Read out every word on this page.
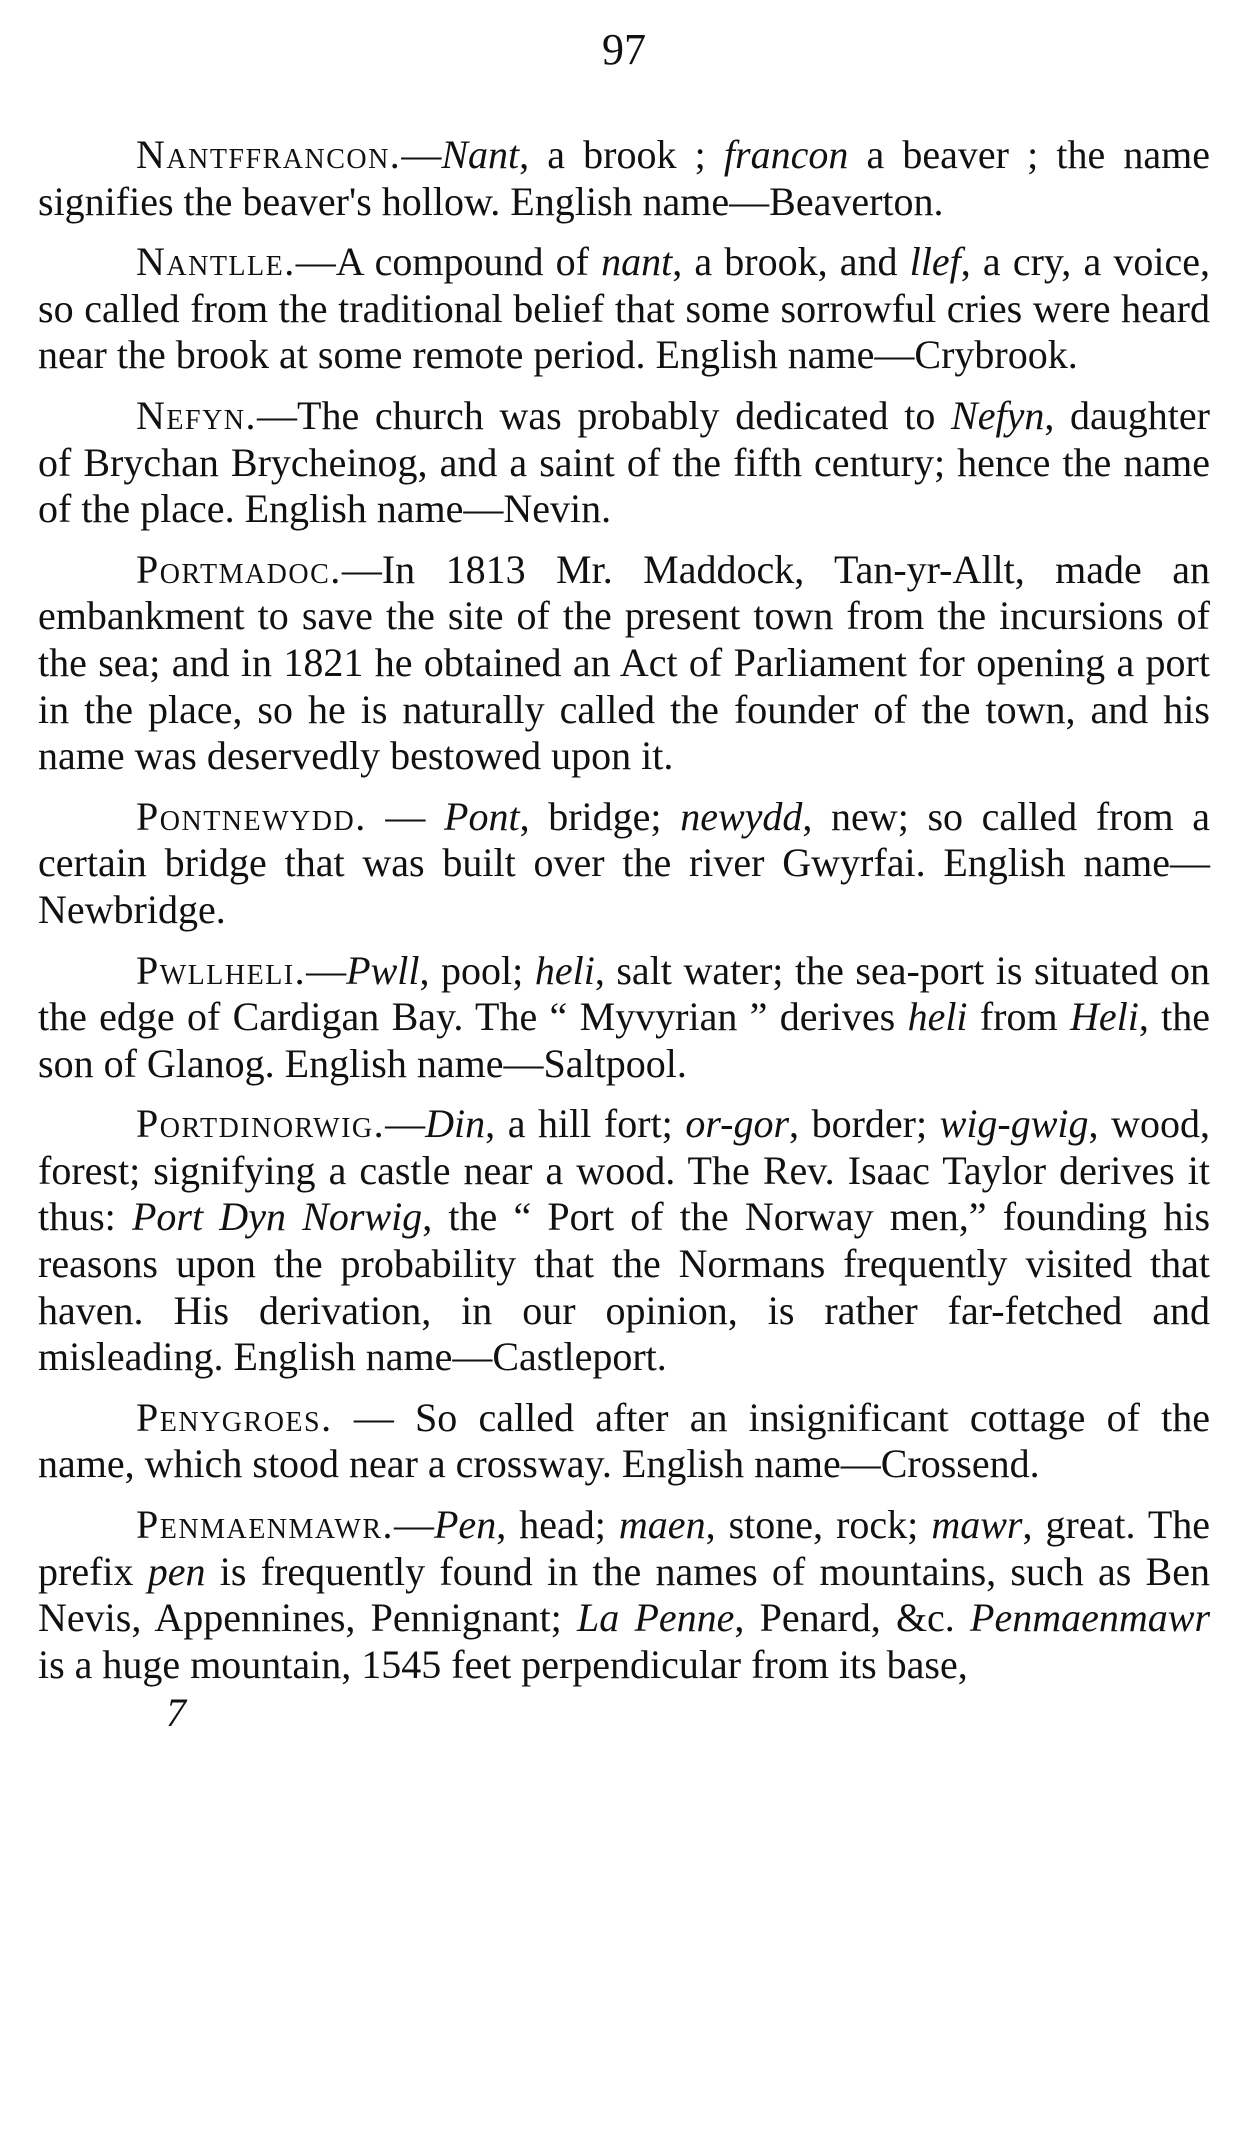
97

Nantffrancon.—Nant, a brook ; francon a beaver ; the name signifies the beaver's hollow. English name—Beaverton.

Nantlle.—A compound of nant, a brook, and llef, a cry, a voice, so called from the traditional belief that some sorrowful cries were heard near the brook at some remote period. English name—Crybrook.

Nefyn.—The church was probably dedicated to Nefyn, daughter of Brychan Brycheinog, and a saint of the fifth century; hence the name of the place. English name—Nevin.

Portmadoc.—In 1813 Mr. Maddock, Tan-yr-Allt, made an embankment to save the site of the present town from the incursions of the sea; and in 1821 he obtained an Act of Parliament for opening a port in the place, so he is naturally called the founder of the town, and his name was deservedly bestowed upon it.

Pontnewydd. — Pont, bridge; newydd, new; so called from a certain bridge that was built over the river Gwyrfai. English name—Newbridge.

Pwllheli.—Pwll, pool; heli, salt water; the sea-port is situated on the edge of Cardigan Bay. The “ Myvyrian ” derives heli from Heli, the son of Glanog. English name—Saltpool.

Portdinorwig.—Din, a hill fort; or-gor, border; wig-gwig, wood, forest; signifying a castle near a wood. The Rev. Isaac Taylor derives it thus: Port Dyn Norwig, the “ Port of the Norway men,” founding his reasons upon the probability that the Normans frequently visited that haven. His derivation, in our opinion, is rather far-fetched and misleading. English name—Castleport.

Penygroes. — So called after an insignificant cottage of the name, which stood near a crossway. English name—Crossend.

Penmaenmawr.—Pen, head; maen, stone, rock; mawr, great. The prefix pen is frequently found in the names of mountains, such as Ben Nevis, Appennines, Pennignant; La Penne, Penard, &c. Penmaenmawr is a huge mountain, 1545 feet perpendicular from its base,

7
